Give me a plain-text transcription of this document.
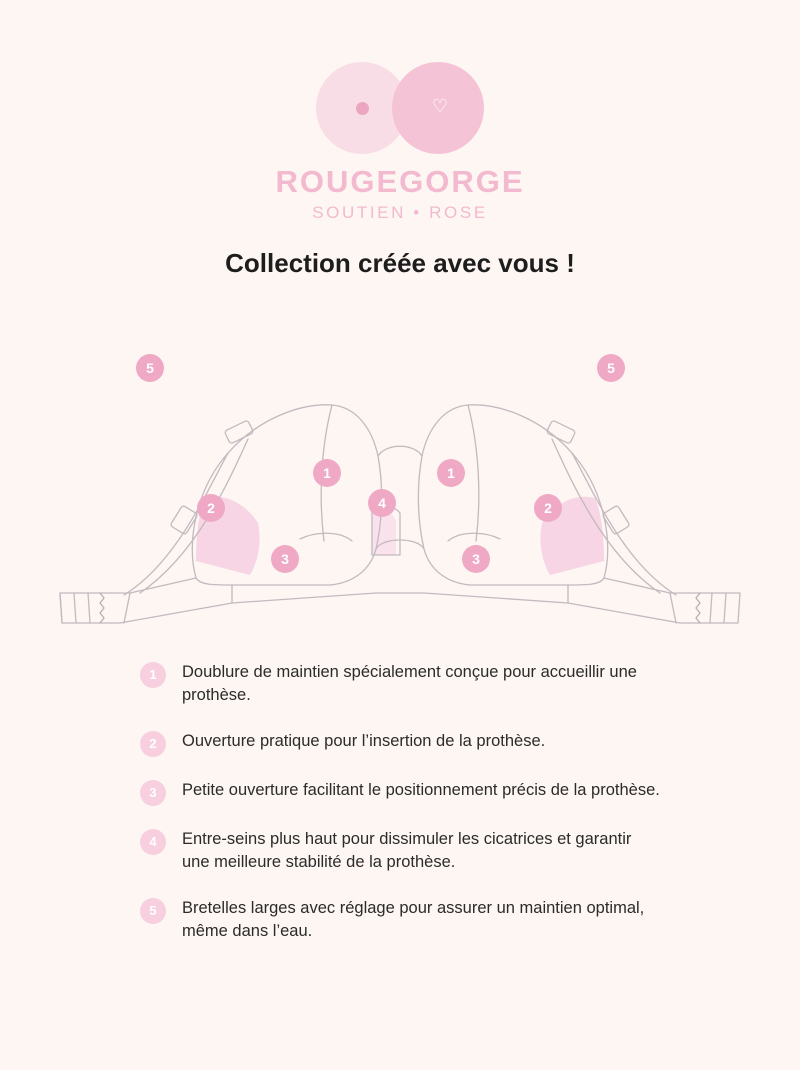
♡
ROUGEGORGE
SOUTIEN • ROSE
Collection créée avec vous !
1	1
2	2
3	3
4
5	5
1	Doublure de maintien spécialement conçue pour accueillir une prothèse.
2	Ouverture pratique pour l’insertion de la prothèse.
3	Petite ouverture facilitant le positionnement précis de la prothèse.
4	Entre-seins plus haut pour dissimuler les cicatrices et garantir une meilleure stabilité de la prothèse.
5	Bretelles larges avec réglage pour assurer un maintien optimal, même dans l’eau.
